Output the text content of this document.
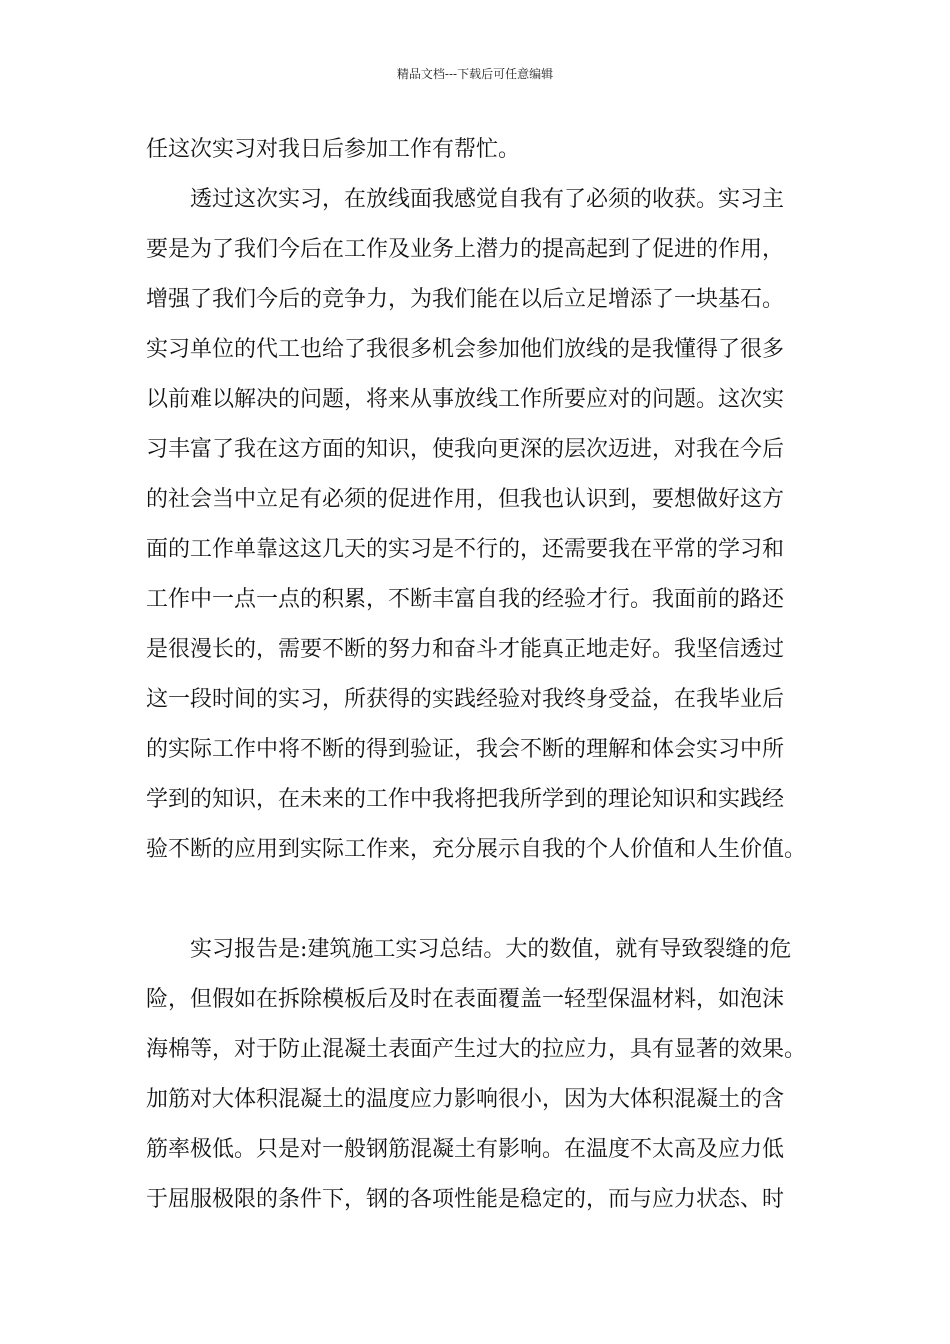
精品文档---下载后可任意编辑
任这次实习对我日后参加工作有帮忙。
透过这次实习，在放线面我感觉自我有了必须的收获。实习主
要是为了我们今后在工作及业务上潜力的提高起到了促进的作用，
增强了我们今后的竞争力，为我们能在以后立足增添了一块基石。
实习单位的代工也给了我很多机会参加他们放线的是我懂得了很多
以前难以解决的问题，将来从事放线工作所要应对的问题。这次实
习丰富了我在这方面的知识，使我向更深的层次迈进，对我在今后
的社会当中立足有必须的促进作用，但我也认识到，要想做好这方
面的工作单靠这这几天的实习是不行的，还需要我在平常的学习和
工作中一点一点的积累，不断丰富自我的经验才行。我面前的路还
是很漫长的，需要不断的努力和奋斗才能真正地走好。我坚信透过
这一段时间的实习，所获得的实践经验对我终身受益，在我毕业后
的实际工作中将不断的得到验证，我会不断的理解和体会实习中所
学到的知识，在未来的工作中我将把我所学到的理论知识和实践经
验不断的应用到实际工作来，充分展示自我的个人价值和人生价值。
实习报告是:建筑施工实习总结。大的数值，就有导致裂缝的危
险，但假如在拆除模板后及时在表面覆盖一轻型保温材料，如泡沫
海棉等，对于防止混凝土表面产生过大的拉应力，具有显著的效果。
加筋对大体积混凝土的温度应力影响很小，因为大体积混凝土的含
筋率极低。只是对一般钢筋混凝土有影响。在温度不太高及应力低
于屈服极限的条件下，钢的各项性能是稳定的，而与应力状态、时
